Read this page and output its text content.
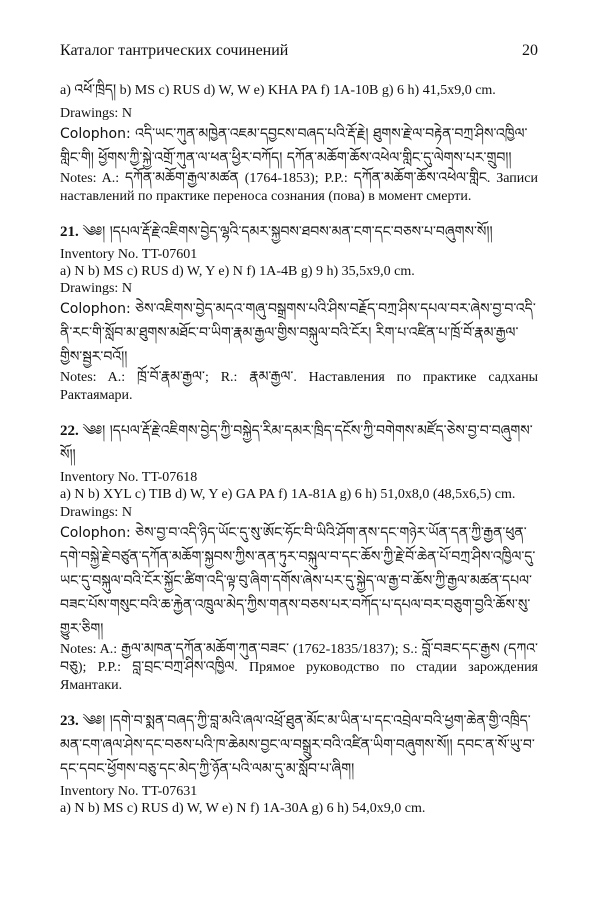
Каталог тантрических сочинений	20

a) འཕོ་ཁྲིད། b) MS c) RUS d) W, W e) KHA PA f) 1A-10B g) 6 h) 41,5x9,0 cm.

Drawings: N

Colophon: འདི་ཡང་ཀུན་མཁྱེན་འཇམ་དབྱངས་བཞད་པའི་རྡོ་རྗེ། ཐུགས་རྗེ་ལ་བརྟེན་བཀྲ་ཤིས་འཁྱིལ་གླིང་གི། ཕྱོགས་ཀྱི་སྐྱེ་འགྲོ་ཀུན་ལ་ཕན་ཕྱིར་བཀོད། དཀོན་མཆོག་ཆོས་འཕེལ་གླིང་དུ་ལེགས་པར་གྲུབ།།

Notes: A.: དཀོན་མཆོག་རྒྱལ་མཚན (1764-1853); P.P.: དཀོན་མཆོག་ཆོས་འཕེལ་གླིང. Записи наставлений по практике переноса сознания (пова) в момент смерти.

21. ༄༅། །དཔལ་རྡོ་རྗེ་འཇིགས་བྱེད་ལྷའི་དམར་སྐྱབས་ཐབས་མན་ངག་དང་བཅས་པ་བཞུགས་སོ།།

Inventory No. TT-07601

a) N b) MS c) RUS d) W, Y e) N f) 1A-4B g) 9 h) 35,5x9,0 cm.

Drawings: N

Colophon: ཅེས་འཇིགས་བྱེད་མདའ་གཞུ་བསྒྲགས་པའི་ཤིས་བརྗོད་བཀྲ་ཤིས་དཔལ་བར་ཞེས་བྱ་བ་འདི་ནི་རང་གི་སློབ་མ་ཐུགས་མཐོང་བ་ཡིག་རྣམ་རྒྱལ་གྱིས་བསྐུལ་བའི་ངོར། རིག་པ་འཛིན་པ་ཁྲོ་བོ་རྣམ་རྒྱལ་གྱིས་སྦྱར་བའོ།།

Notes: A.: ཁྲོ་བོ་རྣམ་རྒྱལ་; R.: རྣམ་རྒྱལ་. Наставления по практике садханы Рактаямари.

22. ༄༅། །དཔལ་རྡོ་རྗེ་འཇིགས་བྱེད་ཀྱི་བསྐྱེད་རིམ་དམར་ཁྲིད་དངོས་ཀྱི་བགེགས་མཛོད་ཅེས་བྱ་བ་བཞུགས་སོ།།

Inventory No. TT-07618

a) N b) XYL c) TIB d) W, Y e) GA PA f) 1A-81A g) 6 h) 51,0x8,0 (48,5x6,5) cm.

Drawings: N

Colophon: ཅེས་བྱ་བ་འདི་ཉིད་ཡོང་དུ་སུ་ཨོང་ཧོང་བི་ཡིའི་ཤོག་ནས་དང་གཉེར་ཡོན་དན་ཀྱི་རྒྱན་ཕུན་དགེ་བསྐྱེ་རྗེ་བཙུན་དཀོན་མཆོག་སྐྱབས་ཀྱིས་ནན་ཏུར་བསྐུལ་བ་དང་ཆོས་ཀྱི་རྗེ་བོ་ཆེན་པོ་བཀྲ་ཤིས་འཁྱིལ་དུ་ཡང་དུ་བསྐུལ་བའི་ངོར་སྐྱོང་ཚིག་འདི་ལྟ་བུ་ཞིག་དགོས་ཞེས་པར་དུ་སྐྱེད་ལ་རྒྱ་བ་ཆོས་ཀྱི་རྒྱལ་མཚན་དཔལ་བཟང་པོས་གསུང་བའི་ཆ་རྐྱེན་འཁྲུལ་མེད་ཀྱིས་གནས་བཅས་པར་བཀོད་པ་དཔལ་བར་བཅུག་བྱའི་ཆོས་སུ་གྱུར་ཅིག།

Notes: A.: རྒྱལ་མཁན་དཀོན་མཆོག་ཀུན་བཟང་ (1762-1835/1837); S.: བློ་བཟང་དང་རྒྱས (དཀའ་བཅུ); P.P.: བླ་བྲང་བཀྲ་ཤིས་འཁྱིལ. Прямое руководство по стадии зарождения Ямантаки.

23. ༄༅། །དགེ་བ་སྨན་བཞད་ཀྱི་བླ་མའི་ཞལ་འཕྲོ་ཐུན་མོང་མ་ཡིན་པ་དང་འབྲེལ་བའི་ཕྱག་ཆེན་གྱི་འཁྲིད་མན་ངག་ཞལ་ཤེས་དང་བཅས་པའི་ཁ་ཆེམས་བྱང་ལ་བསྒྲུར་བའི་འཛིན་ཡིག་བཞུགས་སོ།། དབང་ན་སོ་ཡུ་བ་དང་དབང་ཕྱོགས་བཅུ་དང་མེད་ཀྱི་ཉོན་པའི་ལམ་དུ་མ་སློབ་པ་ཞིག།

Inventory No. TT-07631

a) N b) MS c) RUS d) W, W e) N f) 1A-30A g) 6 h) 54,0x9,0 cm.
